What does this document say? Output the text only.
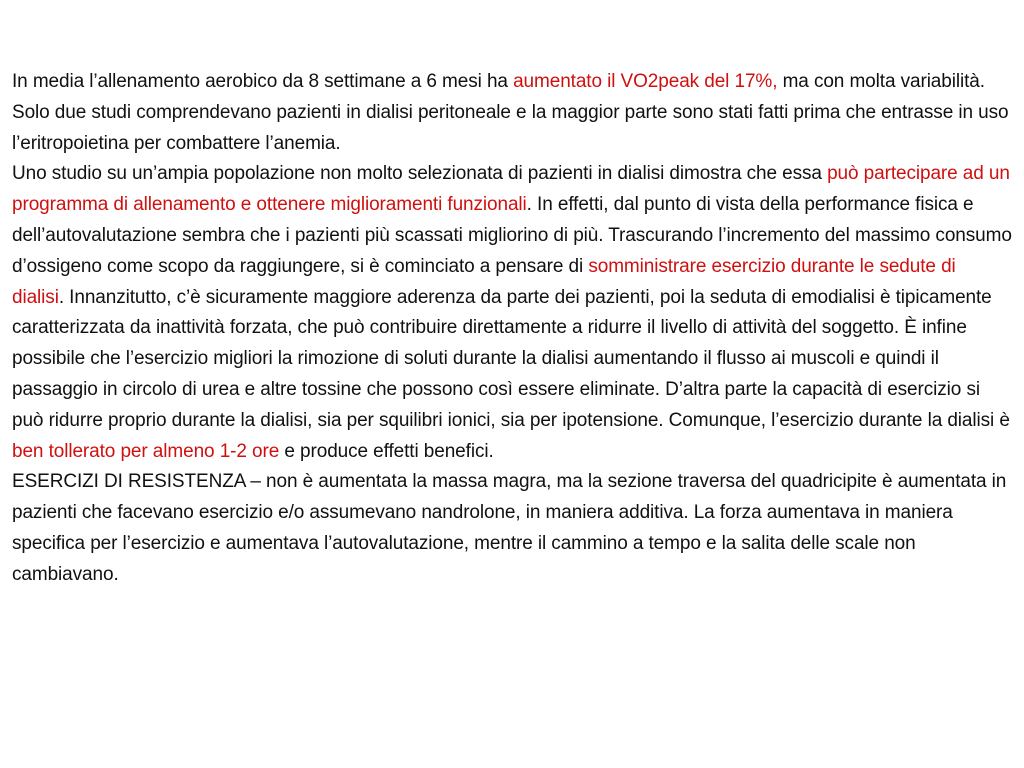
In media l’allenamento aerobico da 8 settimane a 6 mesi ha aumentato il VO2peak del 17%, ma con molta variabilità. Solo due studi comprendevano pazienti in dialisi peritoneale e la maggior parte sono stati fatti prima che entrasse in uso l’eritropoietina per combattere l’anemia.

Uno studio su un’ampia popolazione non molto selezionata di pazienti in dialisi dimostra che essa può partecipare ad un programma di allenamento e ottenere miglioramenti funzionali. In effetti, dal punto di vista della performance fisica e dell’autovalutazione sembra che i pazienti più scassati migliorino di più. Trascurando l’incremento del massimo consumo d’ossigeno come scopo da raggiungere, si è cominciato a pensare di somministrare esercizio durante le sedute di dialisi. Innanzitutto, c’è sicuramente maggiore aderenza da parte dei pazienti, poi la seduta di emodialisi è tipicamente caratterizzata da inattività forzata, che può contribuire direttamente a ridurre il livello di attività del soggetto. È infine possibile che l’esercizio migliori la rimozione di soluti durante la dialisi aumentando il flusso ai muscoli e quindi il passaggio in circolo di urea e altre tossine che possono così essere eliminate. D’altra parte la capacità di esercizio si può ridurre proprio durante la dialisi, sia per squilibri ionici, sia per ipotensione. Comunque, l’esercizio durante la dialisi è ben tollerato per almeno 1-2 ore e produce effetti benefici.

ESERCIZI DI RESISTENZA – non è aumentata la massa magra, ma la sezione traversa del quadricipite è aumentata in pazienti che facevano esercizio e/o assumevano nandrolone, in maniera additiva. La forza aumentava in maniera specifica per l’esercizio e aumentava l’autovalutazione, mentre il cammino a tempo e la salita delle scale non cambiavano.
